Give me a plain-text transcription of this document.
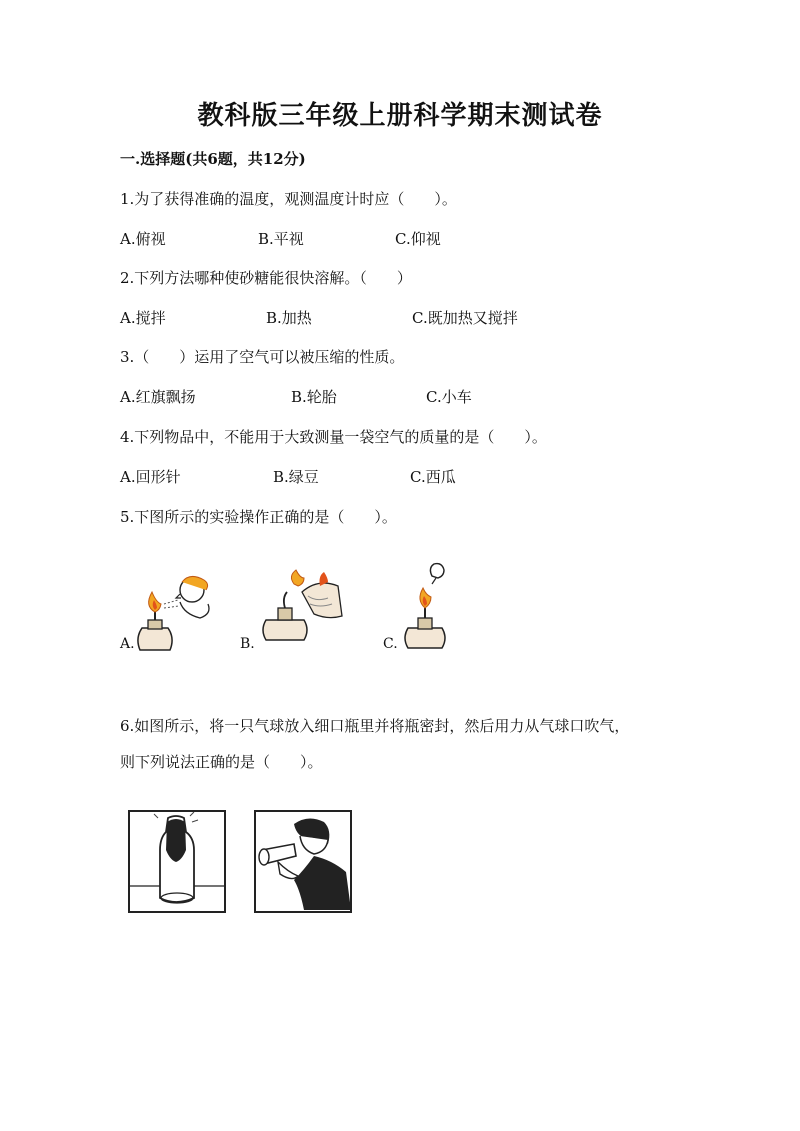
教科版三年级上册科学期末测试卷
一.选择题(共6题，共12分)
1.为了获得准确的温度，观测温度计时应（　　）。
A.俯视	B.平视	C.仰视
2.下列方法哪种使砂糖能很快溶解。（　　）
A.搅拌	B.加热	C.既加热又搅拌
3.（　　）运用了空气可以被压缩的性质。
A.红旗飘扬	B.轮胎	C.小车
4.下列物品中，不能用于大致测量一袋空气的质量的是（　　）。
A.回形针	B.绿豆	C.西瓜
5.下图所示的实验操作正确的是（　　）。
A.	B.	C.
6.如图所示，将一只气球放入细口瓶里并将瓶密封，然后用力从气球口吹气，
则下列说法正确的是（　　）。
